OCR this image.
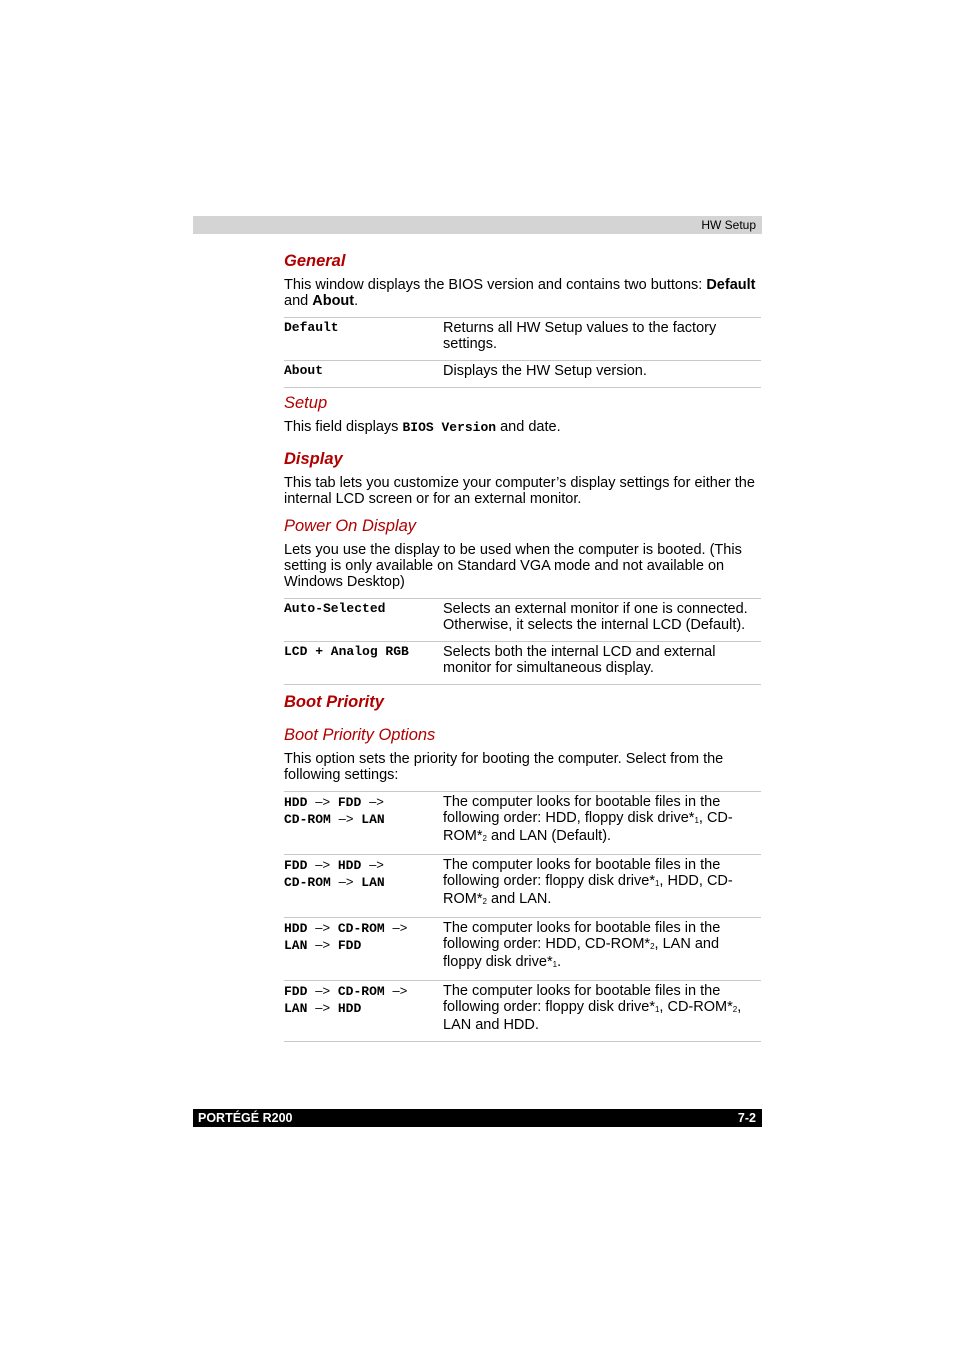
HW Setup
General

This window displays the BIOS version and contains two buttons: Default
and About.

Default	Returns all HW Setup values to the factory settings.
About	Displays the HW Setup version.
Setup

This field displays BIOS Version and date.

Display

This tab lets you customize your computer’s display settings for either the internal LCD screen or for an external monitor.

Power On Display

Lets you use the display to be used when the computer is booted. (This setting is only available on Standard VGA mode and not available on Windows Desktop)

Auto-Selected	Selects an external monitor if one is connected. Otherwise, it selects the internal LCD (Default).
LCD + Analog RGB	Selects both the internal LCD and external monitor for simultaneous display.
Boot Priority
Boot Priority Options

This option sets the priority for booting the computer. Select from the following settings:

HDD –> FDD –>
CD-ROM –> LAN	The computer looks for bootable files in the following order: HDD, floppy disk drive*$^1$, CD-ROM*$^2$ and LAN (Default).
FDD –> HDD –>
CD-ROM –> LAN	The computer looks for bootable files in the following order: floppy disk drive*$^1$, HDD, CD-ROM*$^2$ and LAN.
HDD –> CD-ROM –>
LAN –> FDD	The computer looks for bootable files in the following order: HDD, CD-ROM*$^2$, LAN and floppy disk drive*$^1$.
FDD –> CD-ROM –>
LAN –> HDD	The computer looks for bootable files in the following order: floppy disk drive*$^1$, CD-ROM*$^2$, LAN and HDD.
PORTÉGÉ R200	7-2
